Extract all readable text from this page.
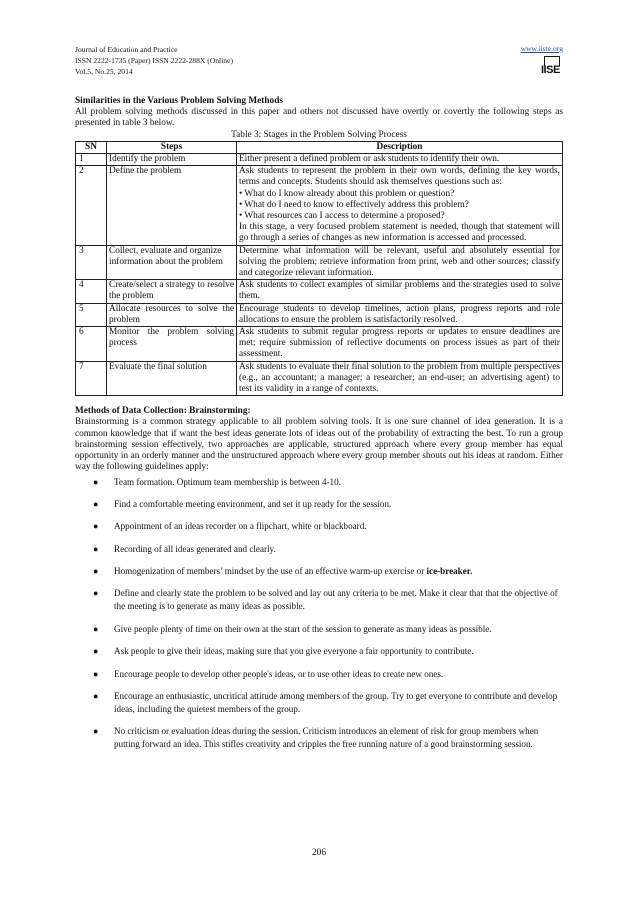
Journal of Education and Practice
ISSN 2222-1735 (Paper) ISSN 2222-288X (Online)
Vol.5, No.25, 2014
www.iiste.org
IISE
Similarities in the Various Problem Solving Methods
All problem solving methods discussed in this paper and others not discussed have overtly or covertly the following steps as presented in table 3 below.
Table 3: Stages in the Problem Solving Process
SN	Steps	Description
1	Identify the problem	Either present a defined problem or ask students to identify their own.

2	Define the problem	Ask students to represent the problem in their own words, defining the key words, terms and concepts. Students should ask themselves questions such as:
• What do I know already about this problem or question?
• What do I need to know to effectively address this problem?
• What resources can I access to determine a proposed?
In this stage, a very focused problem statement is needed, though that statement will go through a series of changes as new information is accessed and processed.

3	Collect, evaluate and organize information about the problem	Determine what information will be relevant, useful and absolutely essential for solving the problem; retrieve information from print, web and other sources; classify and categorize relevant information.

4	Create/select a strategy to resolve the problem	Ask students to collect examples of similar problems and the strategies used to solve them.

5	Allocate resources to solve the problem	Encourage students to develop timelines, action plans, progress reports and role allocations to ensure the problem is satisfactorily resolved.

6	Monitor the problem solving process	Ask students to submit regular progress reports or updates to ensure deadlines are met; require submission of reflective documents on process issues as part of their assessment.

7	Evaluate the final solution	Ask students to evaluate their final solution to the problem from multiple perspectives (e.g., an accountant; a manager; a researcher; an end-user; an advertising agent) to test its validity in a range of contexts.
Methods of Data Collection: Brainstorming:
Brainstorming is a common strategy applicable to all problem solving tools. It is one sure channel of idea generation. It is a common knowledge that if want the best ideas generate lots of ideas out of the probability of extracting the best. To run a group brainstorming session effectively, two approaches are applicable, structured approach where every group member has equal opportunity in an orderly manner and the unstructured approach where every group member shouts out his ideas at random. Either way the following guidelines apply:
● Team formation. Optimum team membership is between 4-10.
● Find a comfortable meeting environment, and set it up ready for the session.
● Appointment of an ideas recorder on a flipchart, white or blackboard.
● Recording of all ideas generated and clearly.
● Homogenization of members’ mindset by the use of an effective warm-up exercise or ice-breaker.
● Define and clearly state the problem to be solved and lay out any criteria to be met. Make it clear that that the objective of the meeting is to generate as many ideas as possible.
● Give people plenty of time on their own at the start of the session to generate as many ideas as possible.
● Ask people to give their ideas, making sure that you give everyone a fair opportunity to contribute.
● Encourage people to develop other people's ideas, or to use other ideas to create new ones.
● Encourage an enthusiastic, uncritical attitude among members of the group. Try to get everyone to contribute and develop ideas, including the quietest members of the group.
● No criticism or evaluation ideas during the session. Criticism introduces an element of risk for group members when putting forward an idea. This stifles creativity and cripples the free running nature of a good brainstorming session.
206
